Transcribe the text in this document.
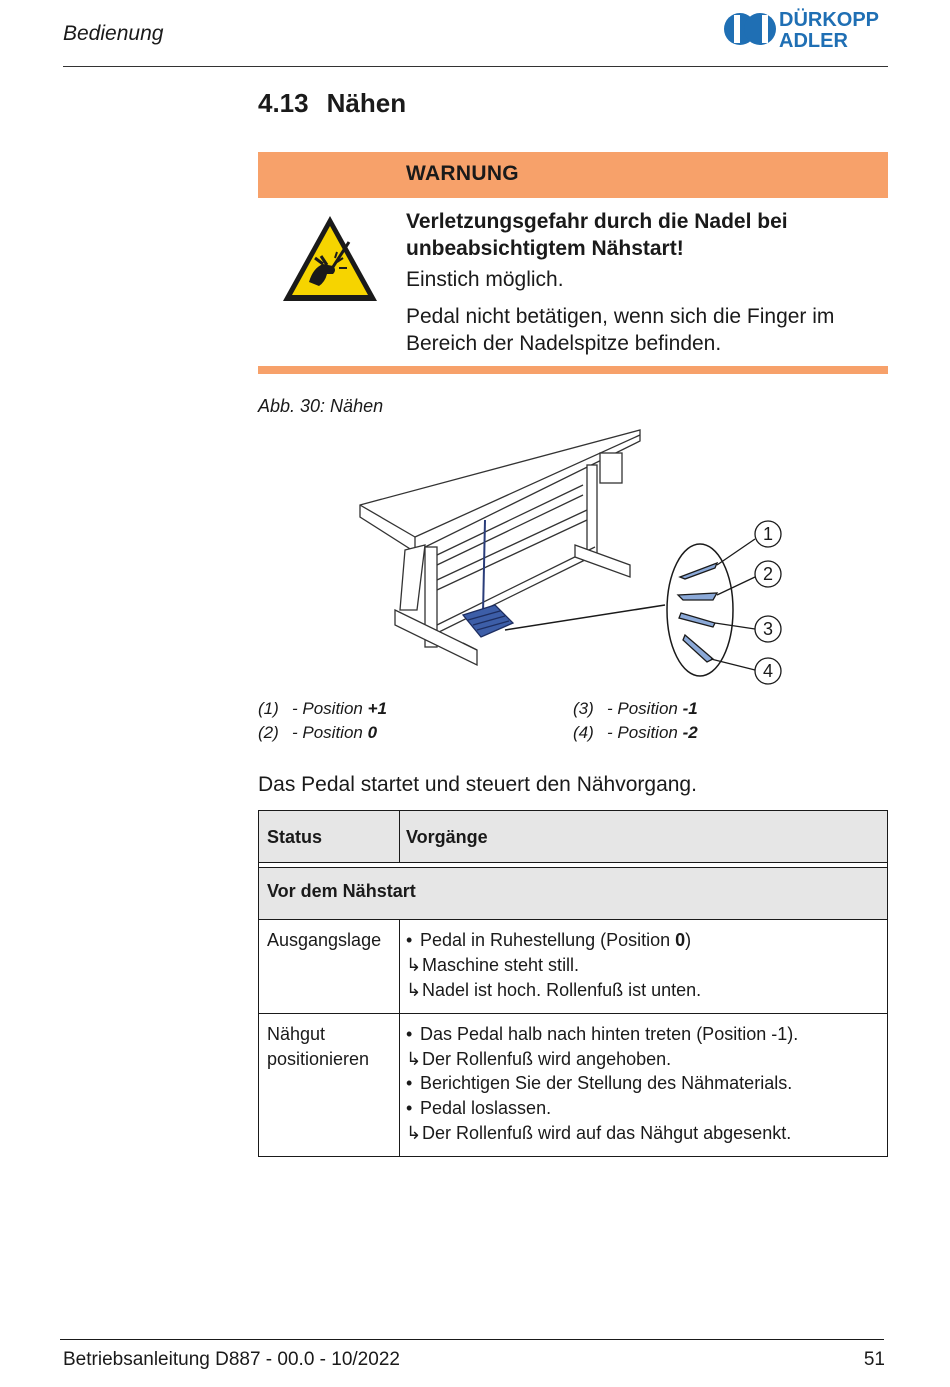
Bedienung
DÜRKOPP
ADLER
4.13 Nähen
WARNUNG
Verletzungsgefahr durch die Nadel bei unbeabsichtigtem Nähstart!
Einstich möglich.
Pedal nicht betätigen, wenn sich die Finger im Bereich der Nadelspitze befinden.
Abb. 30: Nähen
1
2
3
4
(1) - Position +1
(2) - Position 0
(3) - Position -1
(4) - Position -2
Das Pedal startet und steuert den Nähvorgang.
Status	Vorgänge
Vor dem Nähstart
Ausgangslage • Pedal in Ruhestellung (Position 0)
↳Maschine steht still.
↳Nadel ist hoch. Rollenfuß ist unten.
Nähgut
positionieren
• Das Pedal halb nach hinten treten (Position -1).
↳Der Rollenfuß wird angehoben.
• Berichtigen Sie der Stellung des Nähmaterials.
• Pedal loslassen.
↳Der Rollenfuß wird auf das Nähgut abgesenkt.
Betriebsanleitung D887 - 00.0 - 10/2022	51
